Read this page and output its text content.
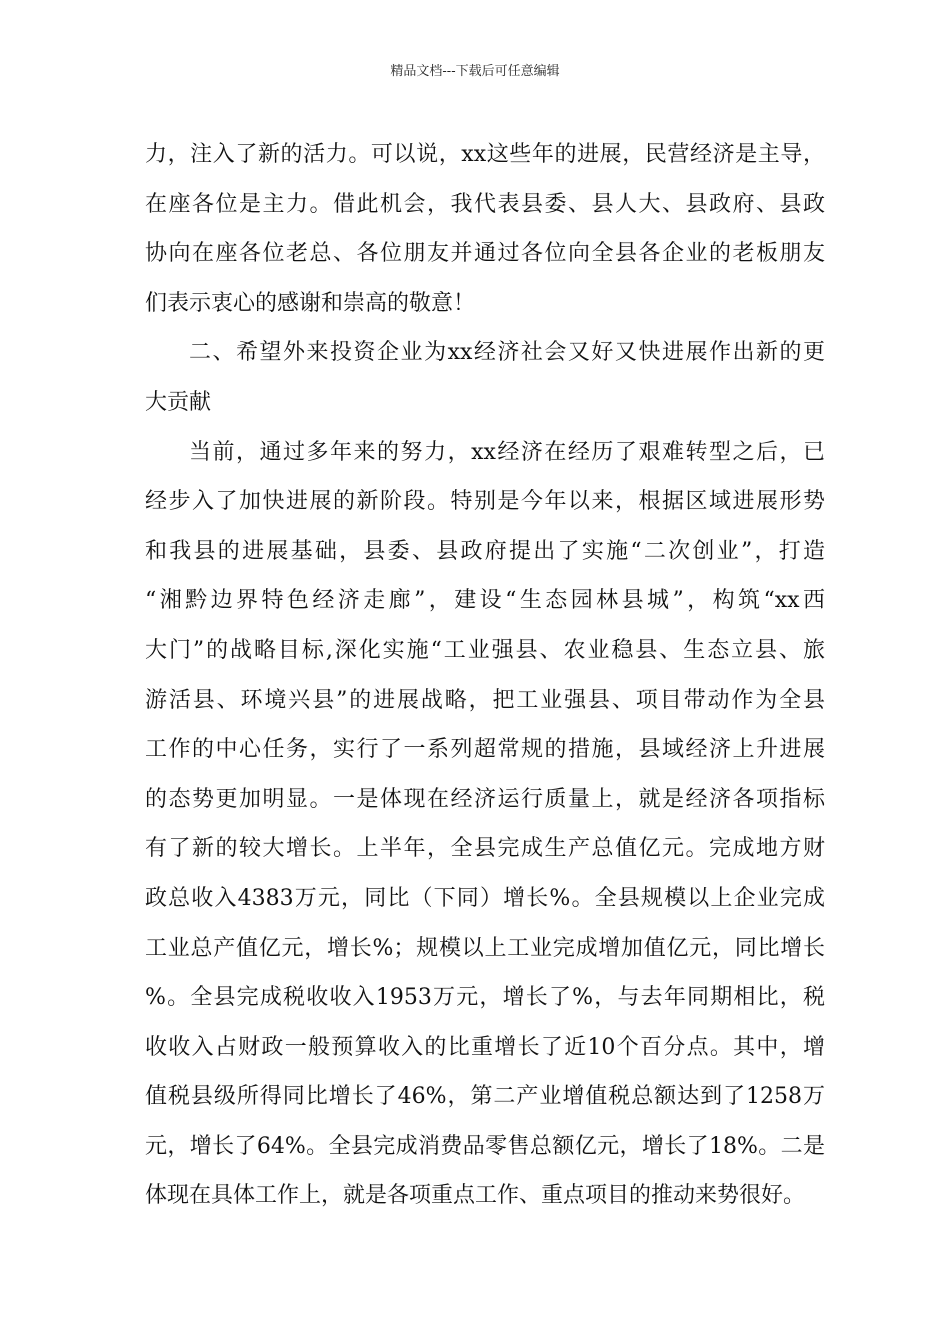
精品文档---下载后可任意编辑
力，注入了新的活力。可以说，xx这些年的进展，民营经济是主导，
在座各位是主力。借此机会，我代表县委、县人大、县政府、县政
协向在座各位老总、各位朋友并通过各位向全县各企业的老板朋友
们表示衷心的感谢和崇高的敬意！
二、希望外来投资企业为xx经济社会又好又快进展作出新的更
大贡献
当前，通过多年来的努力，xx经济在经历了艰难转型之后，已
经步入了加快进展的新阶段。特别是今年以来，根据区域进展形势
和我县的进展基础，县委、县政府提出了实施“二次创业”，打造
“湘黔边界特色经济走廊”，建设“生态园林县城”，构筑“xx西
大门”的战略目标,深化实施“工业强县、农业稳县、生态立县、旅
游活县、环境兴县”的进展战略，把工业强县、项目带动作为全县
工作的中心任务，实行了一系列超常规的措施，县域经济上升进展
的态势更加明显。一是体现在经济运行质量上，就是经济各项指标
有了新的较大增长。上半年，全县完成生产总值亿元。完成地方财
政总收入4383万元，同比（下同）增长%。全县规模以上企业完成
工业总产值亿元，增长%；规模以上工业完成增加值亿元，同比增长
%。全县完成税收收入1953万元，增长了%，与去年同期相比，税
收收入占财政一般预算收入的比重增长了近10个百分点。其中，增
值税县级所得同比增长了46%，第二产业增值税总额达到了1258万
元，增长了64%。全县完成消费品零售总额亿元，增长了18%。二是
体现在具体工作上，就是各项重点工作、重点项目的推动来势很好。
